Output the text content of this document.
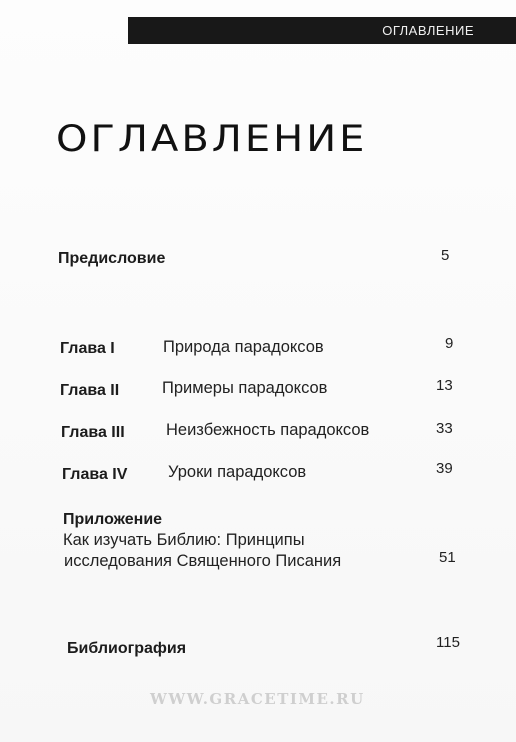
ОГЛАВЛЕНИЕ
ОГЛАВЛЕНИЕ
Предисловие	5
Глава I	Природа парадоксов	9
Глава II	Примеры парадоксов	13
Глава III	Неизбежность парадоксов	33
Глава IV Уроки парадоксов	39
Приложение
Как изучать Библию: Принципы
исследования Священного Писания	51
Библиография	115
WWW.GRACETIME.RU
